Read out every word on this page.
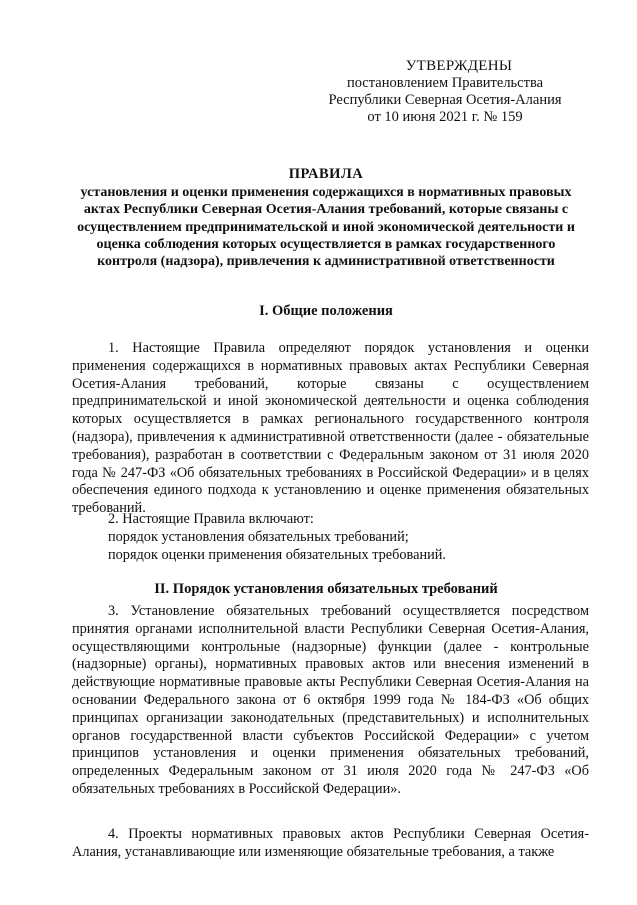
УТВЕРЖДЕНЫ
постановлением Правительства
Республики Северная Осетия-Алания
от 10 июня 2021 г. № 159
ПРАВИЛА
установления и оценки применения содержащихся в нормативных правовых актах Республики Северная Осетия-Алания требований, которые связаны с осуществлением предпринимательской и иной экономической деятельности и оценка соблюдения которых осуществляется в рамках государственного контроля (надзора), привлечения к административной ответственности
I. Общие положения

1. Настоящие Правила определяют порядок установления и оценки применения содержащихся в нормативных правовых актах Республики Северная Осетия-Алания требований, которые связаны с осуществлением предпринимательской и иной экономической деятельности и оценка соблюдения которых осуществляется в рамках регионального государственного контроля (надзора), привлечения к административной ответственности (далее - обязательные требования), разработан в соответствии с Федеральным законом от 31 июля 2020 года № 247-ФЗ «Об обязательных требованиях в Российской Федерации» и в целях обеспечения единого подхода к установлению и оценке применения обязательных требований.

2. Настоящие Правила включают:

порядок установления обязательных требований;
порядок оценки применения обязательных требований.
II. Порядок установления обязательных требований

3. Установление обязательных требований осуществляется посредством принятия органами исполнительной власти Республики Северная Осетия-Алания, осуществляющими контрольные (надзорные) функции (далее - контрольные (надзорные) органы), нормативных правовых актов или внесения изменений в действующие нормативные правовые акты Республики Северная Осетия-Алания на основании Федерального закона от 6 октября 1999 года № 184-ФЗ «Об общих принципах организации законодательных (представительных) и исполнительных органов государственной власти субъектов Российской Федерации» с учетом принципов установления и оценки применения обязательных требований, определенных Федеральным законом от 31 июля 2020 года № 247-ФЗ «Об обязательных требованиях в Российской Федерации».

4. Проекты нормативных правовых актов Республики Северная Осетия-Алания, устанавливающие или изменяющие обязательные требования, а также
